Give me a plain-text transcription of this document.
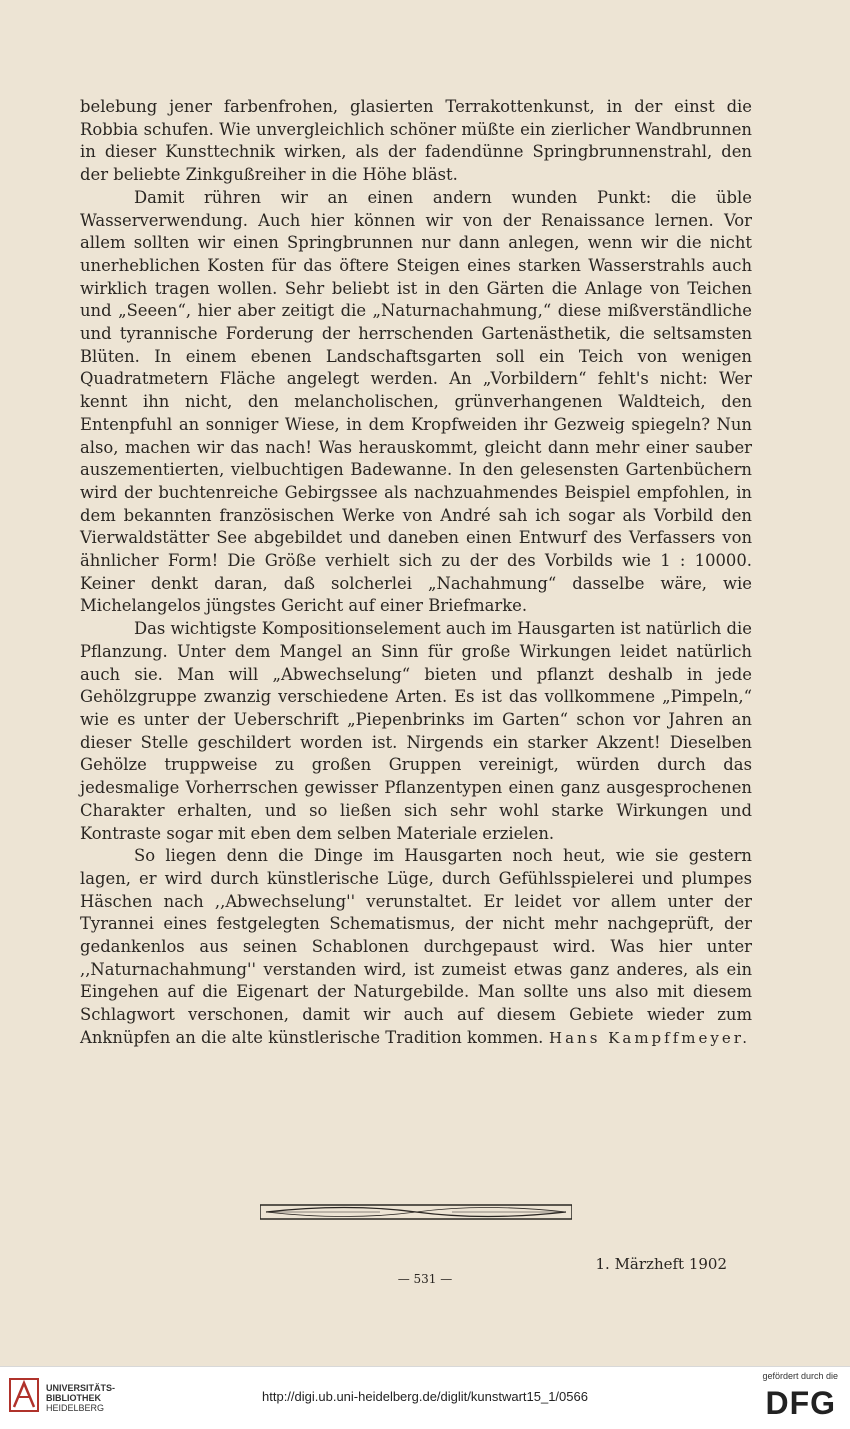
belebung jener farbenfrohen, glasierten Terrakottenkunst, in der einst die Robbia schufen. Wie unvergleichlich schöner müßte ein zierlicher Wandbrunnen in dieser Kunsttechnik wirken, als der fadendünne Springbrunnenstrahl, den der beliebte Zinkgußreiher in die Höhe bläst.

Damit rühren wir an einen andern wunden Punkt: die üble Wasserverwendung. Auch hier können wir von der Renaissance lernen. Vor allem sollten wir einen Springbrunnen nur dann anlegen, wenn wir die nicht unerheblichen Kosten für das öftere Steigen eines starken Wasserstrahls auch wirklich tragen wollen. Sehr beliebt ist in den Gärten die Anlage von Teichen und „Seeen“, hier aber zeitigt die „Naturnachahmung,“ diese mißverständliche und tyrannische Forderung der herrschenden Gartenästhetik, die seltsamsten Blüten. In einem ebenen Landschaftsgarten soll ein Teich von wenigen Quadratmetern Fläche angelegt werden. An „Vorbildern“ fehlt's nicht: Wer kennt ihn nicht, den melancholischen, grünverhangenen Waldteich, den Entenpfuhl an sonniger Wiese, in dem Kropfweiden ihr Gezweig spiegeln? Nun also, machen wir das nach! Was herauskommt, gleicht dann mehr einer sauber auszementierten, vielbuchtigen Badewanne. In den gelesensten Gartenbüchern wird der buchtenreiche Gebirgssee als nachzuahmendes Beispiel empfohlen, in dem bekannten französischen Werke von André sah ich sogar als Vorbild den Vierwaldstätter See abgebildet und daneben einen Entwurf des Verfassers von ähnlicher Form! Die Größe verhielt sich zu der des Vorbilds wie 1 : 10000. Keiner denkt daran, daß solcherlei „Nachahmung“ dasselbe wäre, wie Michelangelos jüngstes Gericht auf einer Briefmarke.

Das wichtigste Kompositionselement auch im Hausgarten ist natürlich die Pflanzung. Unter dem Mangel an Sinn für große Wirkungen leidet natürlich auch sie. Man will „Abwechselung“ bieten und pflanzt deshalb in jede Gehölzgruppe zwanzig verschiedene Arten. Es ist das vollkommene „Pimpeln,“ wie es unter der Ueberschrift „Piepenbrinks im Garten“ schon vor Jahren an dieser Stelle geschildert worden ist. Nirgends ein starker Akzent! Dieselben Gehölze truppweise zu großen Gruppen vereinigt, würden durch das jedesmalige Vorherrschen gewisser Pflanzentypen einen ganz ausgesprochenen Charakter erhalten, und so ließen sich sehr wohl starke Wirkungen und Kontraste sogar mit eben dem selben Materiale erzielen.

So liegen denn die Dinge im Hausgarten noch heut, wie sie gestern lagen, er wird durch künstlerische Lüge, durch Gefühlsspielerei und plumpes Häschen nach ,,Abwechselung'' verunstaltet. Er leidet vor allem unter der Tyrannei eines festgelegten Schematismus, der nicht mehr nachgeprüft, der gedankenlos aus seinen Schablonen durchgepaust wird. Was hier unter ,,Naturnachahmung'' verstanden wird, ist zumeist etwas ganz anderes, als ein Eingehen auf die Eigenart der Naturgebilde. Man sollte uns also mit diesem Schlagwort verschonen, damit wir auch auf diesem Gebiete wieder zum Anknüpfen an die alte künstlerische Tradition kommen. Hans Kampffmeyer.
1. Märzheft 1902
— 531 —
UNIVERSITÄTS-
BIBLIOTHEK
HEIDELBERG
http://digi.ub.uni-heidelberg.de/diglit/kunstwart15_1/0566
gefördert durch die
DFG
